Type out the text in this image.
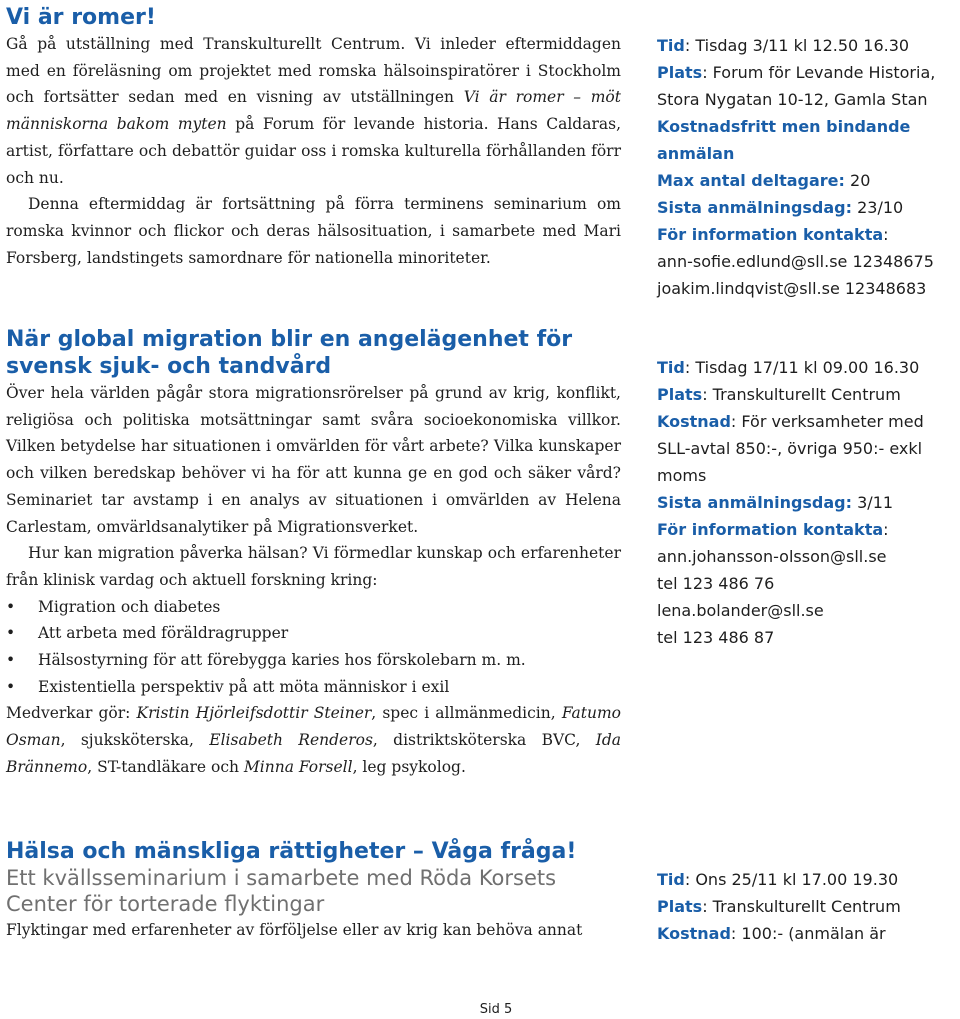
Vi är romer!

Gå på utställning med Transkulturellt Centrum. Vi inleder eftermiddagen med en föreläsning om projektet med romska hälsoinspiratörer i Stockholm och fortsätter sedan med en visning av utställningen Vi är romer – möt människorna bakom myten på Forum för levande historia. Hans Caldaras, artist, författare och debattör guidar oss i romska kulturella förhållanden förr och nu.

Denna eftermiddag är fortsättning på förra terminens seminarium om romska kvinnor och flickor och deras hälsosituation, i samarbete med Mari Forsberg, landstingets samordnare för nationella minoriteter.

Tid: Tisdag 3/11 kl 12.50 16.30
Plats: Forum för Levande Historia,
Stora Nygatan 10-12, Gamla Stan
Kostnadsfritt men bindande
anmälan
Max antal deltagare: 20
Sista anmälningsdag: 23/10
För information kontakta:
ann-sofie.edlund@sll.se 12348675
joakim.lindqvist@sll.se 12348683
När global migration blir en angelägenhet för svensk sjuk- och tandvård

Över hela världen pågår stora migrationsrörelser på grund av krig, konflikt, religiösa och politiska motsättningar samt svåra socioekonomiska villkor. Vilken betydelse har situationen i omvärlden för vårt arbete? Vilka kunskaper och vilken beredskap behöver vi ha för att kunna ge en god och säker vård? Seminariet tar avstamp i en analys av situationen i omvärlden av Helena Carlestam, omvärldsanalytiker på Migrationsverket.

Hur kan migration påverka hälsan? Vi förmedlar kunskap och erfarenheter från klinisk vardag och aktuell forskning kring:

• Migration och diabetes
• Att arbeta med föräldragrupper
• Hälsostyrning för att förebygga karies hos förskolebarn m. m.
• Existentiella perspektiv på att möta människor i exil

Medverkar gör: Kristin Hjörleifsdottir Steiner, spec i allmänmedicin, Fatumo Osman, sjuksköterska, Elisabeth Renderos, distriktsköterska BVC, Ida Brännemo, ST-tandläkare och Minna Forsell, leg psykolog.

Tid: Tisdag 17/11 kl 09.00 16.30
Plats: Transkulturellt Centrum
Kostnad: För verksamheter med
SLL-avtal 850:-, övriga 950:- exkl
moms
Sista anmälningsdag: 3/11
För information kontakta:
ann.johansson-olsson@sll.se
tel 123 486 76
lena.bolander@sll.se
tel 123 486 87
Hälsa och mänskliga rättigheter – Våga fråga!
Ett kvällsseminarium i samarbete med Röda Korsets Center för torterade flyktingar

Flyktingar med erfarenheter av förföljelse eller av krig kan behöva annat

Tid: Ons 25/11 kl 17.00 19.30
Plats: Transkulturellt Centrum
Kostnad: 100:- (anmälan är
Sid 5
